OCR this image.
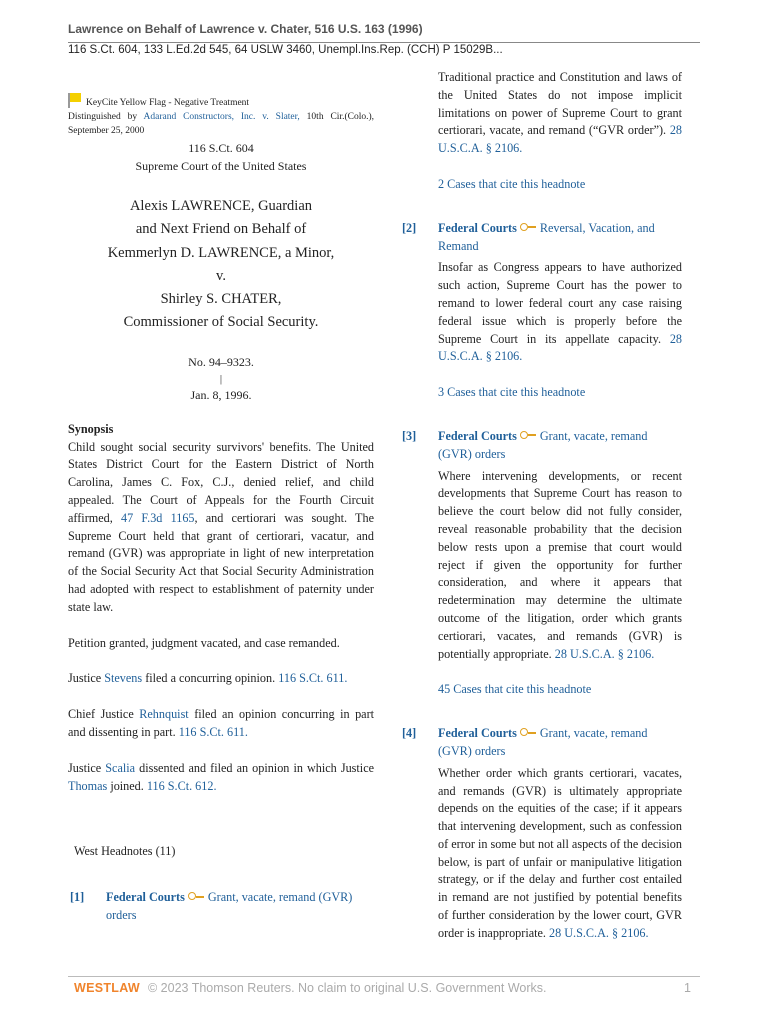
Lawrence on Behalf of Lawrence v. Chater, 516 U.S. 163 (1996)
116 S.Ct. 604, 133 L.Ed.2d 545, 64 USLW 3460, Unempl.Ins.Rep. (CCH) P 15029B...
KeyCite Yellow Flag - Negative Treatment
Distinguished by Adarand Constructors, Inc. v. Slater, 10th Cir.(Colo.), September 25, 2000
116 S.Ct. 604
Supreme Court of the United States
Alexis LAWRENCE, Guardian
and Next Friend on Behalf of
Kemmerlyn D. LAWRENCE, a Minor,
v.
Shirley S. CHATER,
Commissioner of Social Security.
No. 94–9323.
|
Jan. 8, 1996.
Synopsis
Child sought social security survivors' benefits. The United States District Court for the Eastern District of North Carolina, James C. Fox, C.J., denied relief, and child appealed. The Court of Appeals for the Fourth Circuit affirmed, 47 F.3d 1165, and certiorari was sought. The Supreme Court held that grant of certiorari, vacatur, and remand (GVR) was appropriate in light of new interpretation of the Social Security Act that Social Security Administration had adopted with respect to establishment of paternity under state law.
Petition granted, judgment vacated, and case remanded.
Justice Stevens filed a concurring opinion. 116 S.Ct. 611.
Chief Justice Rehnquist filed an opinion concurring in part and dissenting in part. 116 S.Ct. 611.
Justice Scalia dissented and filed an opinion in which Justice Thomas joined. 116 S.Ct. 612.
West Headnotes (11)
[1] Federal Courts Grant, vacate, remand (GVR) orders
Traditional practice and Constitution and laws of the United States do not impose implicit limitations on power of Supreme Court to grant certiorari, vacate, and remand (“GVR order”). 28 U.S.C.A. § 2106.
2 Cases that cite this headnote
[2] Federal Courts Reversal, Vacation, and Remand
Insofar as Congress appears to have authorized such action, Supreme Court has the power to remand to lower federal court any case raising federal issue which is properly before the Supreme Court in its appellate capacity. 28 U.S.C.A. § 2106.
3 Cases that cite this headnote
[3] Federal Courts Grant, vacate, remand (GVR) orders
Where intervening developments, or recent developments that Supreme Court has reason to believe the court below did not fully consider, reveal reasonable probability that the decision below rests upon a premise that court would reject if given the opportunity for further consideration, and where it appears that redetermination may determine the ultimate outcome of the litigation, order which grants certiorari, vacates, and remands (GVR) is potentially appropriate. 28 U.S.C.A. § 2106.
45 Cases that cite this headnote
[4] Federal Courts Grant, vacate, remand (GVR) orders
Whether order which grants certiorari, vacates, and remands (GVR) is ultimately appropriate depends on the equities of the case; if it appears that intervening development, such as confession of error in some but not all aspects of the decision below, is part of unfair or manipulative litigation strategy, or if the delay and further cost entailed in remand are not justified by potential benefits of further consideration by the lower court, GVR order is inappropriate. 28 U.S.C.A. § 2106.
WESTLAW © 2023 Thomson Reuters. No claim to original U.S. Government Works.	1
